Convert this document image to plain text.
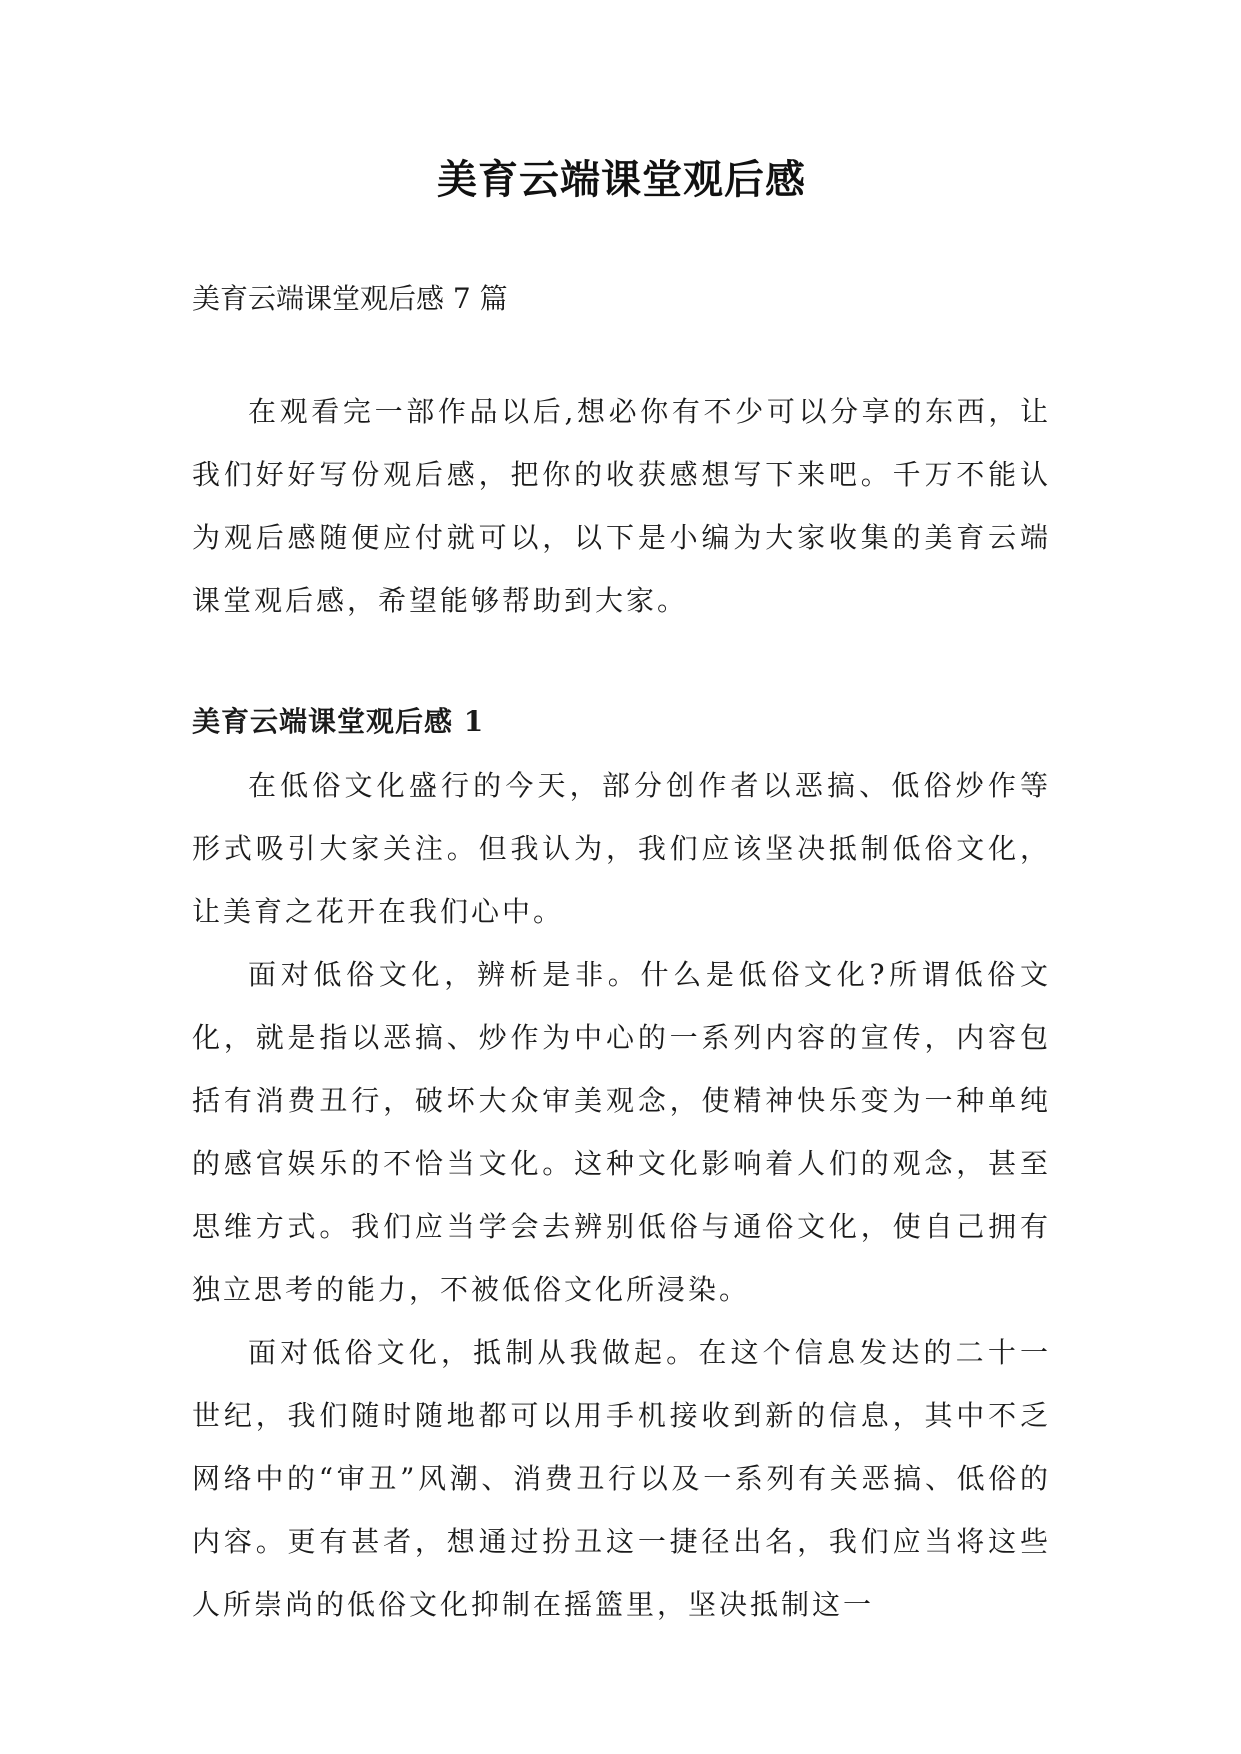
美育云端课堂观后感

美育云端课堂观后感 7 篇

在观看完一部作品以后,想必你有不少可以分享的东西，让我们好好写份观后感，把你的收获感想写下来吧。千万不能认为观后感随便应付就可以，以下是小编为大家收集的美育云端课堂观后感，希望能够帮助到大家。

美育云端课堂观后感 1

在低俗文化盛行的今天，部分创作者以恶搞、低俗炒作等形式吸引大家关注。但我认为，我们应该坚决抵制低俗文化，让美育之花开在我们心中。

面对低俗文化，辨析是非。什么是低俗文化?所谓低俗文化，就是指以恶搞、炒作为中心的一系列内容的宣传，内容包括有消费丑行，破坏大众审美观念，使精神快乐变为一种单纯的感官娱乐的不恰当文化。这种文化影响着人们的观念，甚至思维方式。我们应当学会去辨别低俗与通俗文化，使自己拥有独立思考的能力，不被低俗文化所浸染。

面对低俗文化，抵制从我做起。在这个信息发达的二十一世纪，我们随时随地都可以用手机接收到新的信息，其中不乏网络中的“审丑”风潮、消费丑行以及一系列有关恶搞、低俗的内容。更有甚者，想通过扮丑这一捷径出名，我们应当将这些人所崇尚的低俗文化抑制在摇篮里，坚决抵制这一
